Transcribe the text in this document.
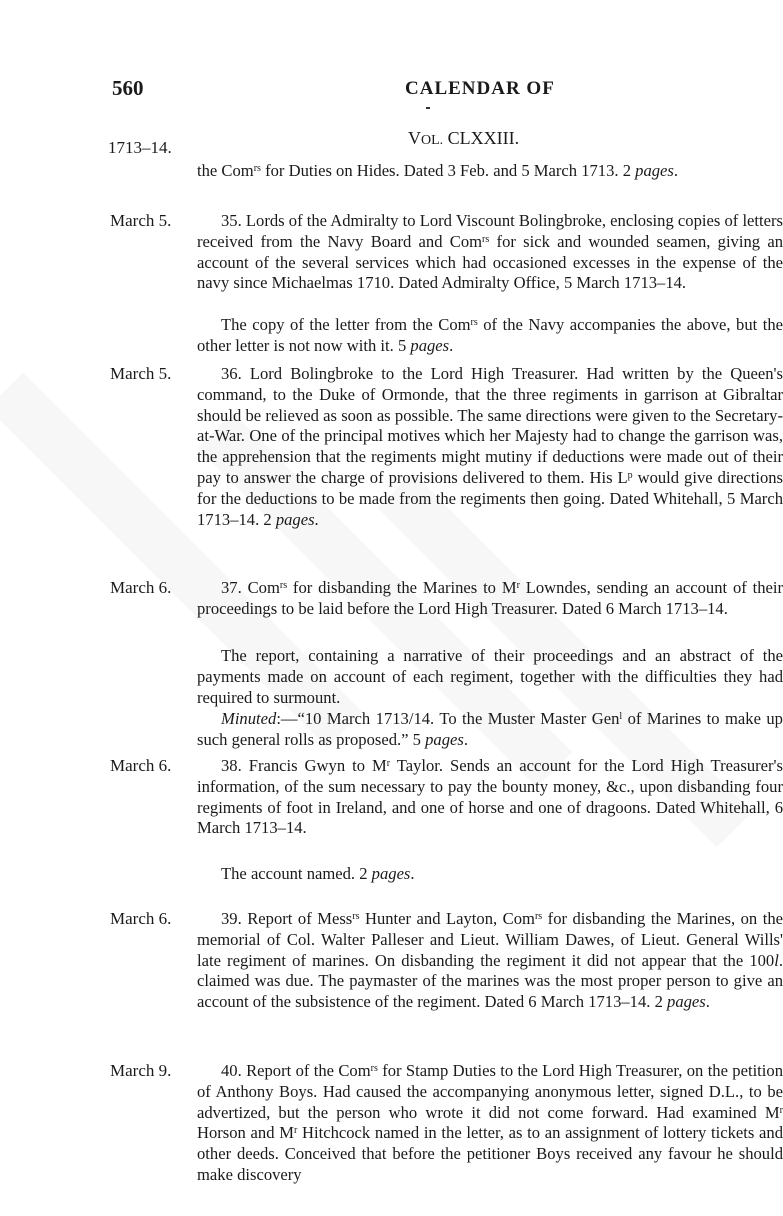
560	CALENDAR OF
1713–14.	VOL. CLXXIII.
the Com$^{rs}$ for Duties on Hides. Dated 3 Feb. and 5 March 1713. 2 pages.
March 5.	35. Lords of the Admiralty to Lord Viscount Bolingbroke, enclosing copies of letters received from the Navy Board and Com$^{rs}$ for sick and wounded seamen, giving an account of the several services which had occasioned excesses in the expense of the navy since Michaelmas 1710. Dated Admiralty Office, 5 March 1713–14.
The copy of the letter from the Com$^{rs}$ of the Navy accompanies the above, but the other letter is not now with it. 5 pages.
March 5.	36. Lord Bolingbroke to the Lord High Treasurer. Had written by the Queen's command, to the Duke of Ormonde, that the three regiments in garrison at Gibraltar should be relieved as soon as possible. The same directions were given to the Secretary-at-War. One of the principal motives which her Majesty had to change the garrison was, the apprehension that the regiments might mutiny if deductions were made out of their pay to answer the charge of provisions delivered to them. His $L^p$ would give directions for the deductions to be made from the regiments then going. Dated Whitehall, 5 March 1713–14. 2 pages.
March 6.	37. Com$^{rs}$ for disbanding the Marines to $M^r$ Lowndes, sending an account of their proceedings to be laid before the Lord High Treasurer. Dated 6 March 1713–14.
The report, containing a narrative of their proceedings and an abstract of the payments made on account of each regiment, together with the difficulties they had required to surmount.
Minuted:—“10 March 1713/14. To the Muster Master Gen$^l$ of Marines to make up such general rolls as proposed.” 5 pages.
March 6.	38. Francis Gwyn to $M^r$ Taylor. Sends an account for the Lord High Treasurer's information, of the sum necessary to pay the bounty money, &c., upon disbanding four regiments of foot in Ireland, and one of horse and one of dragoons. Dated Whitehall, 6 March 1713–14.
The account named. 2 pages.
March 6.	39. Report of Mess$^{rs}$ Hunter and Layton, Com$^{rs}$ for disbanding the Marines, on the memorial of Col. Walter Palleser and Lieut. William Dawes, of Lieut. General Wills' late regiment of marines. On disbanding the regiment it did not appear that the 100l. claimed was due. The paymaster of the marines was the most proper person to give an account of the subsistence of the regiment. Dated 6 March 1713–14. 2 pages.
March 9.	40. Report of the Com$^{rs}$ for Stamp Duties to the Lord High Treasurer, on the petition of Anthony Boys. Had caused the accompanying anonymous letter, signed D.L., to be advertized, but the person who wrote it did not come forward. Had examined $M^r$ Horson and $M^r$ Hitchcock named in the letter, as to an assignment of lottery tickets and other deeds. Conceived that before the petitioner Boys received any favour he should make discovery
